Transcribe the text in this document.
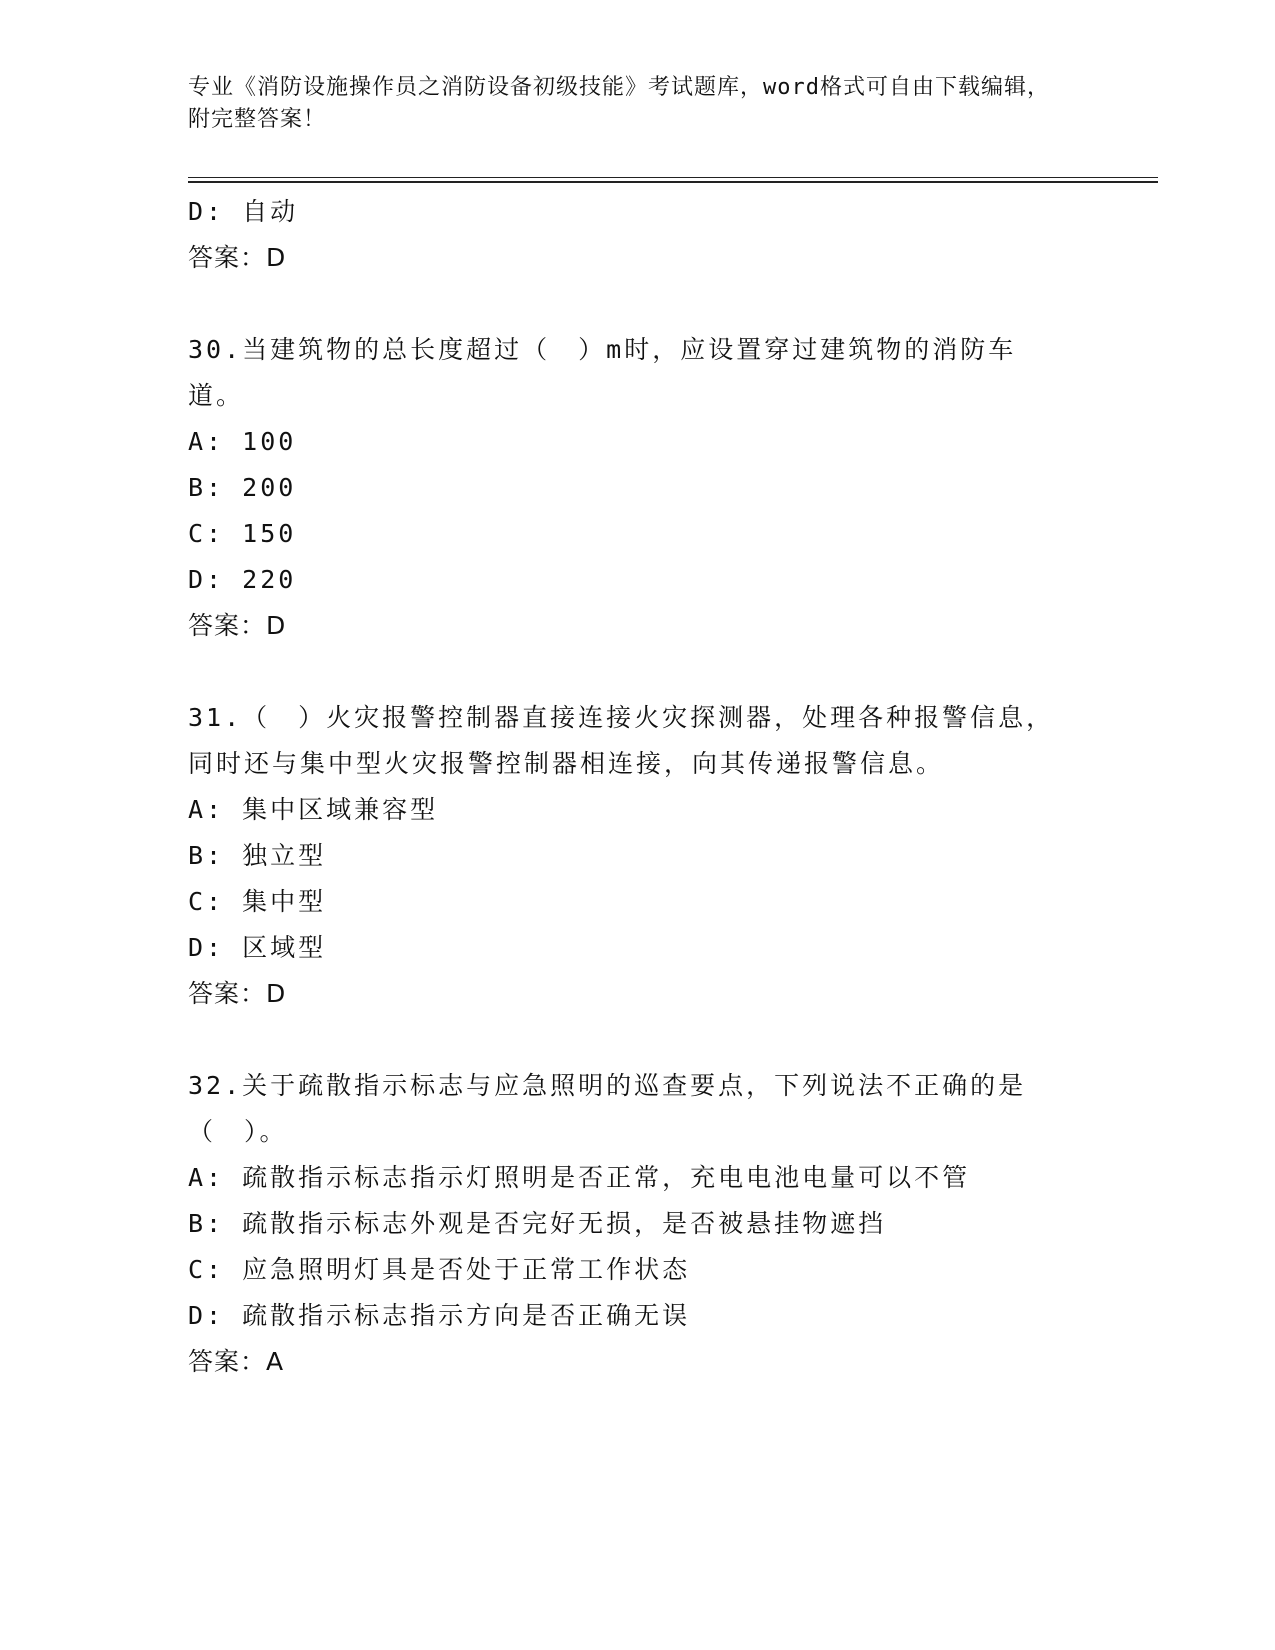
专业《消防设施操作员之消防设备初级技能》考试题库，word格式可自由下载编辑，附完整答案！
D: 自动
答案：D
30.当建筑物的总长度超过（　）m时，应设置穿过建筑物的消防车道。
A: 100
B: 200
C: 150
D: 220
答案：D
31.（　）火灾报警控制器直接连接火灾探测器，处理各种报警信息，同时还与集中型火灾报警控制器相连接，向其传递报警信息。
A: 集中区域兼容型
B: 独立型
C: 集中型
D: 区域型
答案：D
32.关于疏散指示标志与应急照明的巡查要点，下列说法不正确的是（　）。
A: 疏散指示标志指示灯照明是否正常，充电电池电量可以不管
B: 疏散指示标志外观是否完好无损，是否被悬挂物遮挡
C: 应急照明灯具是否处于正常工作状态
D: 疏散指示标志指示方向是否正确无误
答案：A
